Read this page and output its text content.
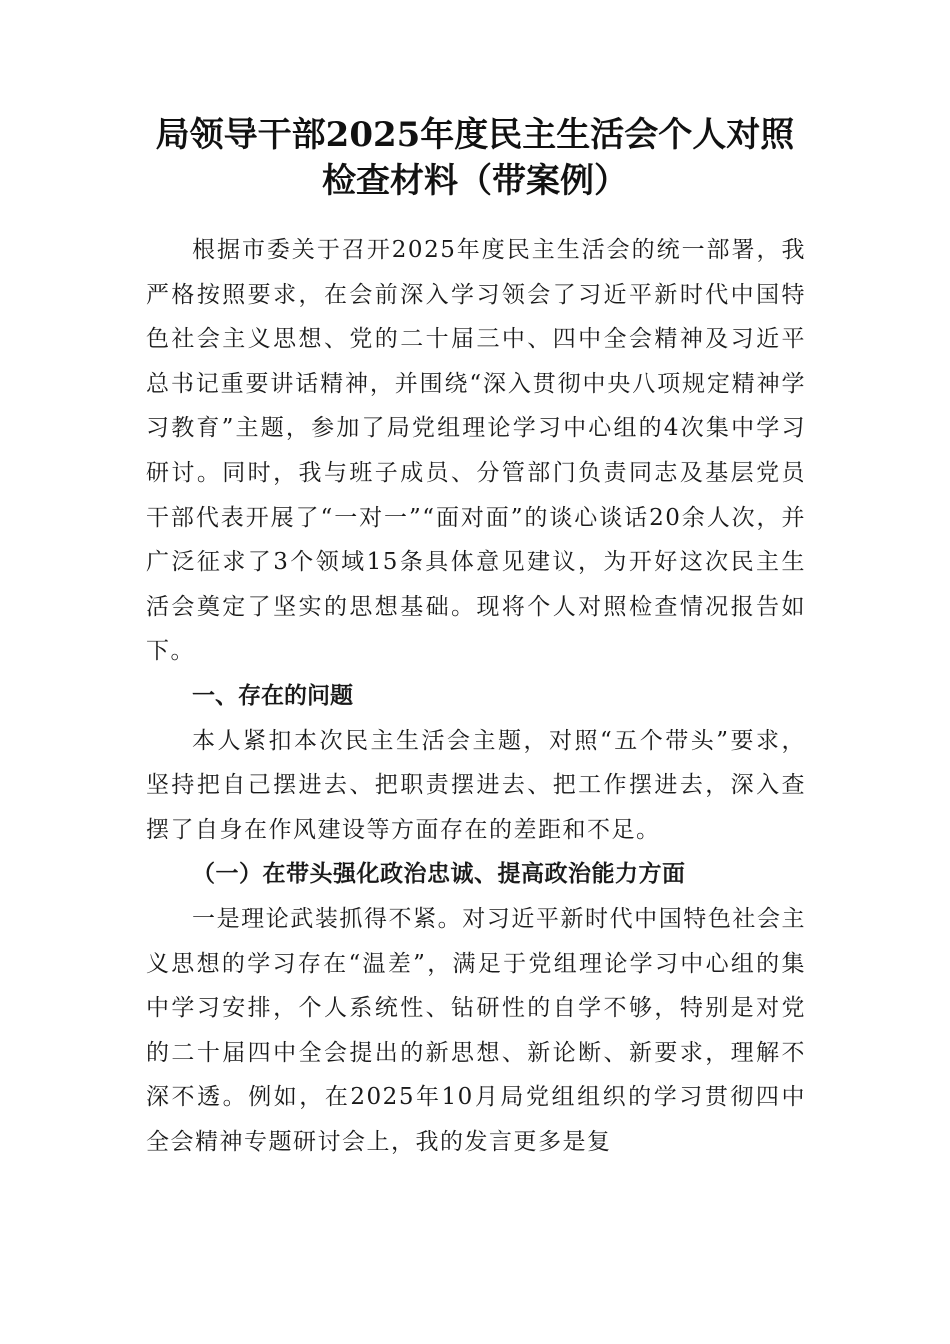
局领导干部2025年度民主生活会个人对照
检查材料（带案例）

根据市委关于召开2025年度民主生活会的统一部署，我严格按照要求，在会前深入学习领会了习近平新时代中国特色社会主义思想、党的二十届三中、四中全会精神及习近平总书记重要讲话精神，并围绕“深入贯彻中央八项规定精神学习教育”主题，参加了局党组理论学习中心组的4次集中学习研讨。同时，我与班子成员、分管部门负责同志及基层党员干部代表开展了“一对一”“面对面”的谈心谈话20余人次，并广泛征求了3个领域15条具体意见建议，为开好这次民主生活会奠定了坚实的思想基础。现将个人对照检查情况报告如下。

一、存在的问题

本人紧扣本次民主生活会主题，对照“五个带头”要求，坚持把自己摆进去、把职责摆进去、把工作摆进去，深入查摆了自身在作风建设等方面存在的差距和不足。

（一）在带头强化政治忠诚、提高政治能力方面

一是理论武装抓得不紧。对习近平新时代中国特色社会主义思想的学习存在“温差”，满足于党组理论学习中心组的集中学习安排，个人系统性、钻研性的自学不够，特别是对党的二十届四中全会提出的新思想、新论断、新要求，理解不深不透。例如，在2025年10月局党组组织的学习贯彻四中全会精神专题研讨会上，我的发言更多是复
